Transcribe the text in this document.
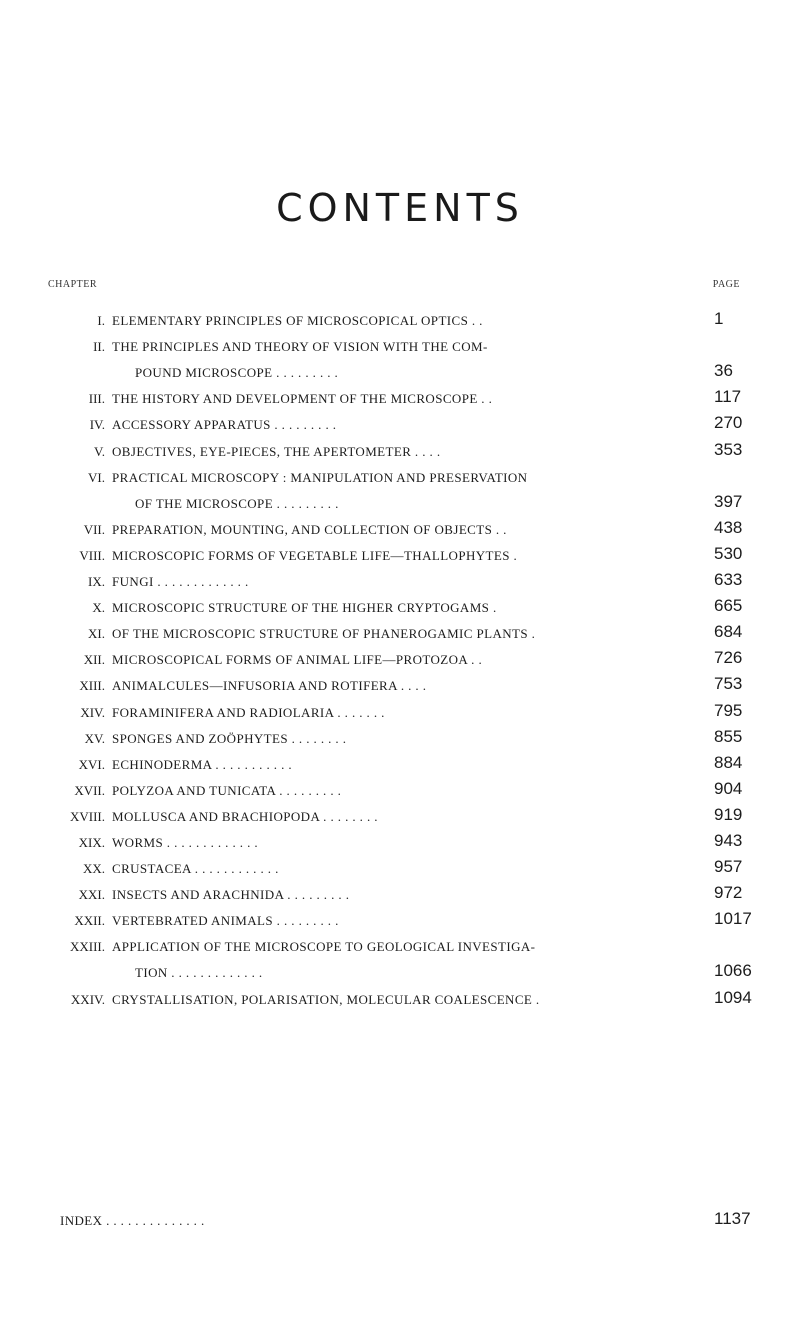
CONTENTS
CHAPTER	PAGE
I. ELEMENTARY PRINCIPLES OF MICROSCOPICAL OPTICS . .	1
II. THE PRINCIPLES AND THEORY OF VISION WITH THE COM-
POUND MICROSCOPE . . . . . . . . .	36
III. THE HISTORY AND DEVELOPMENT OF THE MICROSCOPE . .	117
IV. ACCESSORY APPARATUS . . . . . . . . .	270
V. OBJECTIVES, EYE-PIECES, THE APERTOMETER . . . .	353
VI. PRACTICAL MICROSCOPY : MANIPULATION AND PRESERVATION
OF THE MICROSCOPE . . . . . . . . .	397
VII. PREPARATION, MOUNTING, AND COLLECTION OF OBJECTS . .	438
VIII. MICROSCOPIC FORMS OF VEGETABLE LIFE—THALLOPHYTES .	530
IX. FUNGI . . . . . . . . . . . . .	633
X. MICROSCOPIC STRUCTURE OF THE HIGHER CRYPTOGAMS .	665
XI. OF THE MICROSCOPIC STRUCTURE OF PHANEROGAMIC PLANTS .	684
XII. MICROSCOPICAL FORMS OF ANIMAL LIFE—PROTOZOA . .	726
XIII. ANIMALCULES—INFUSORIA AND ROTIFERA . . . .	753
XIV. FORAMINIFERA AND RADIOLARIA . . . . . . .	795
XV. SPONGES AND ZOÖPHYTES . . . . . . . .	855
XVI. ECHINODERMA . . . . . . . . . . .	884
XVII. POLYZOA AND TUNICATA . . . . . . . . .	904
XVIII. MOLLUSCA AND BRACHIOPODA . . . . . . . .	919
XIX. WORMS . . . . . . . . . . . . .	943
XX. CRUSTACEA . . . . . . . . . . . .	957
XXI. INSECTS AND ARACHNIDA . . . . . . . . .	972
XXII. VERTEBRATED ANIMALS . . . . . . . . .	1017
XXIII. APPLICATION OF THE MICROSCOPE TO GEOLOGICAL INVESTIGA-
TION . . . . . . . . . . . . .	1066
XXIV. CRYSTALLISATION, POLARISATION, MOLECULAR COALESCENCE .	1094
INDEX . . . . . . . . . . . . . .	1137
